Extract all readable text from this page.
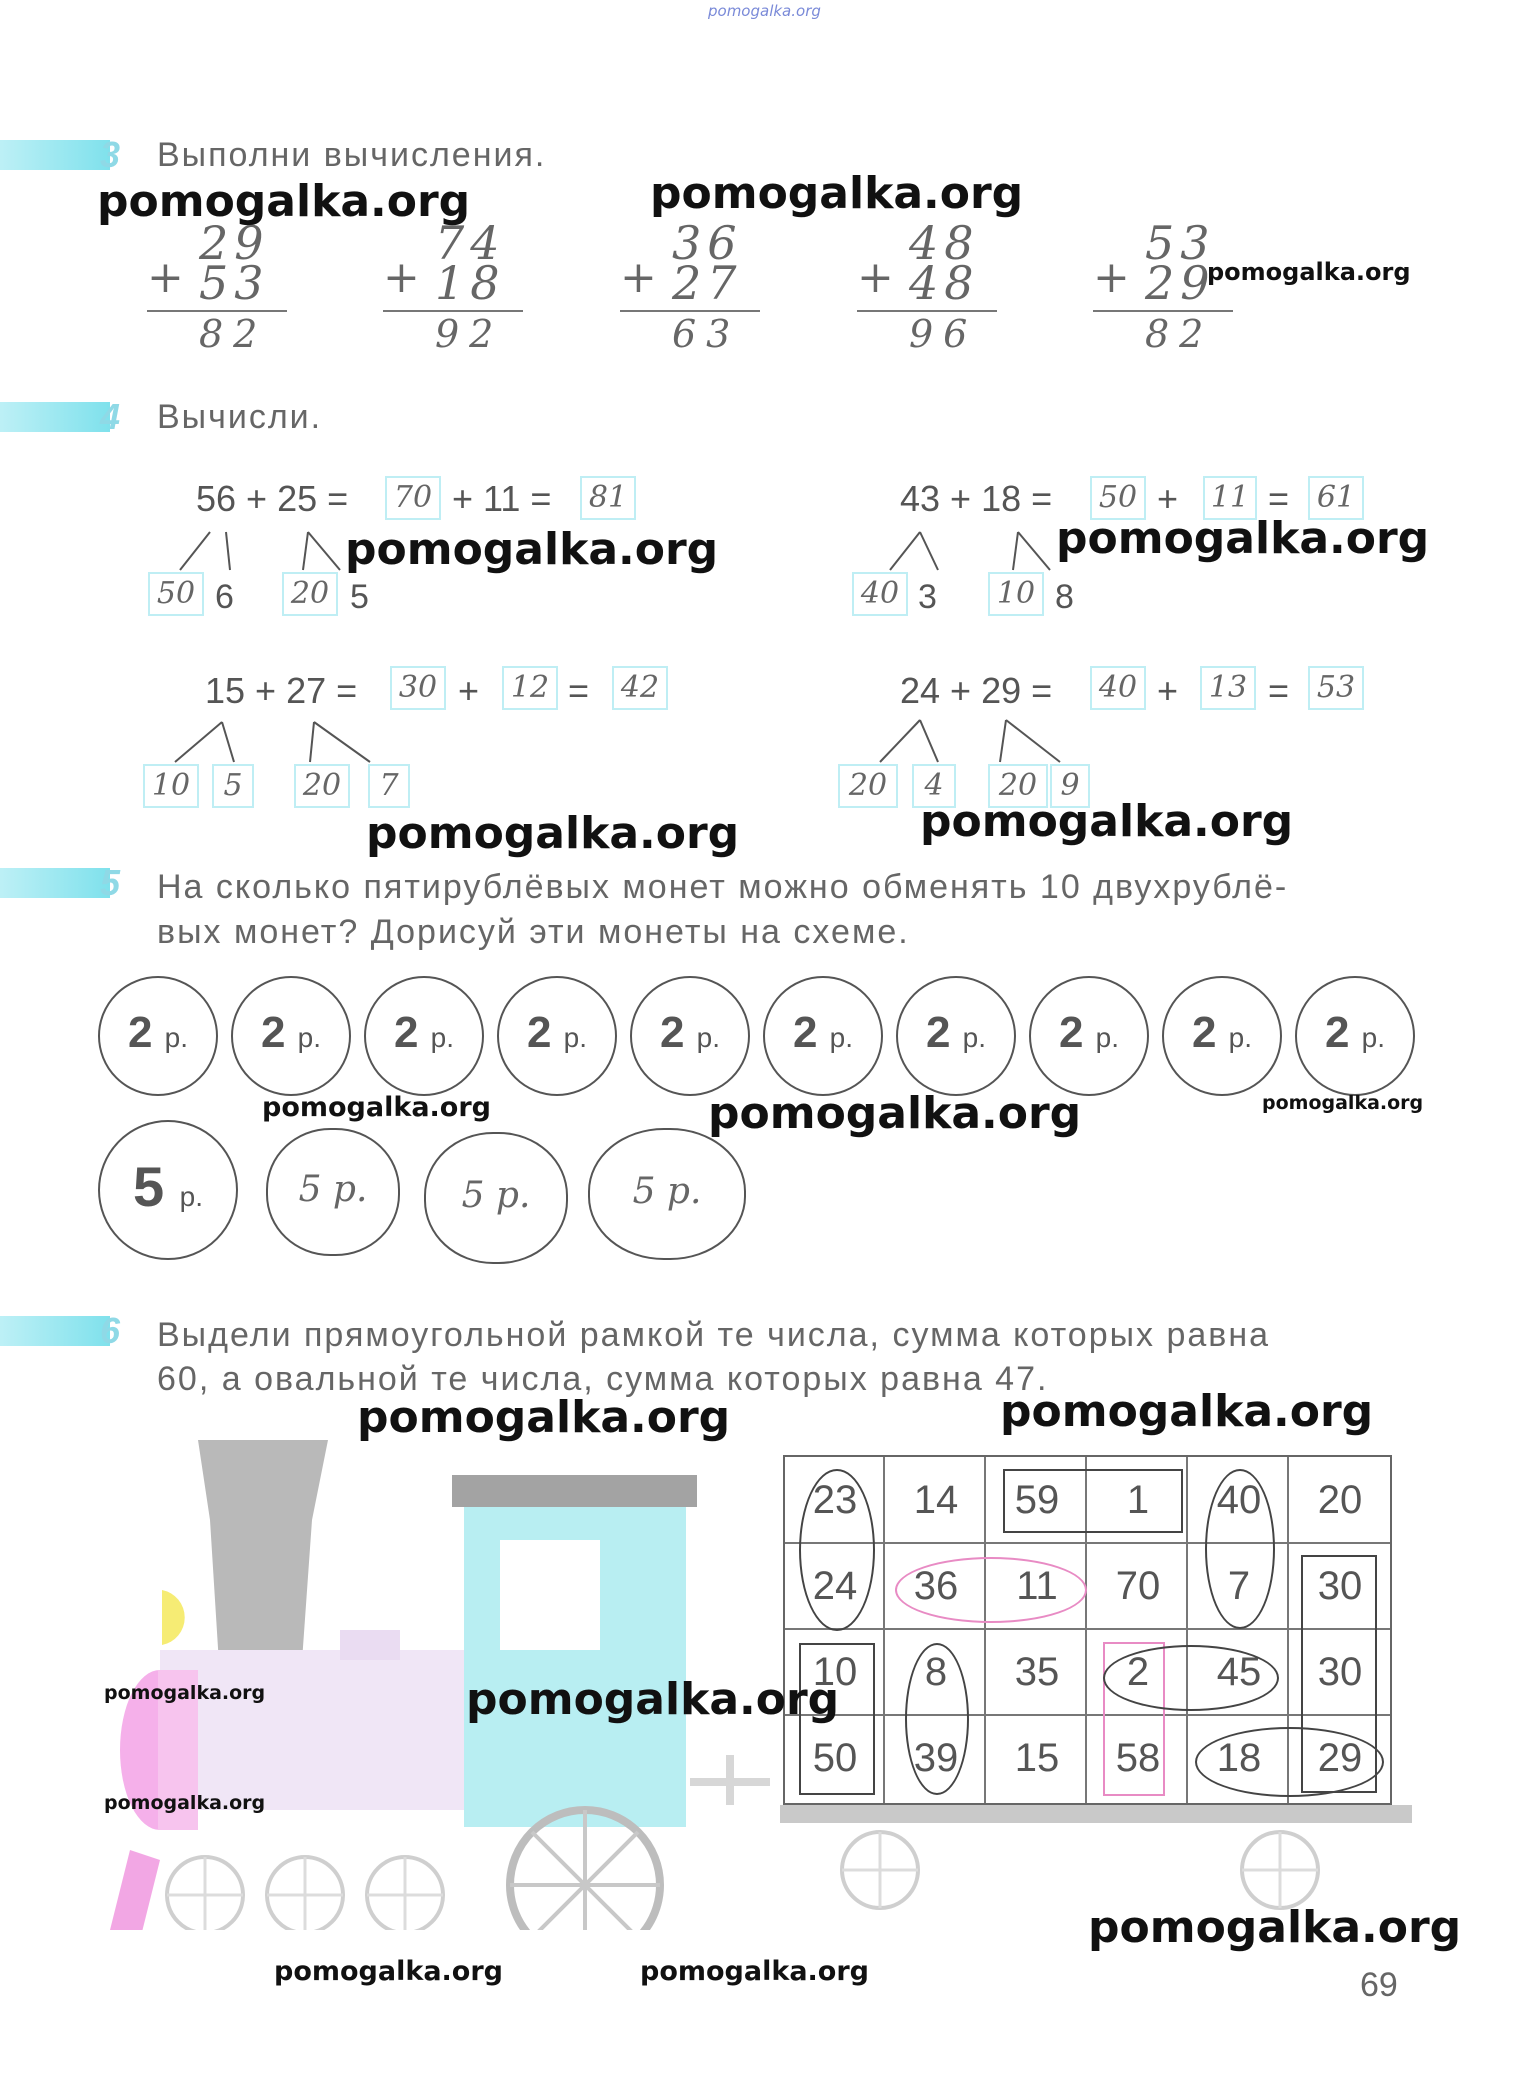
pomogalka.org
3 Выполни вычисления.
pomogalka.org	pomogalka.org
+
29
53
82
+
74
18
92
+
36
27
63
+
48
48
96
+
53
29
82
pomogalka.org
4 Вычисли.
56 + 25 = 70 + 11 = 81
50 6 20 5
pomogalka.org
43 + 18 = 50 + 11 = 61
40 3 10 8
pomogalka.org
15 + 27 = 30 + 12 = 42
10	5	20	7
24 + 29 = 40 + 13 = 53
20	4	20 9
pomogalka.org	pomogalka.org
5 На сколько пятирублёвых монет можно обменять 10 двухрублё-
вых монет? Дорисуй эти монеты на схеме.
2 р.	2 р.	2 р.	2 р.	2 р.	2 р.	2 р.	2 р.	2 р.	2 р.
5 р.	5 р.	5 р.	5 р.
pomogalka.org	pomogalka.org	pomogalka.org
6 Выдели прямоугольной рамкой те числа, сумма которых равна
60, а овальной те числа, сумма которых равна 47.
pomogalka.org	pomogalka.org
23	14	59	1	40	20
24	36	11	70	7	30
10	8	35	2	45	30
50	39	15	58	18	29
pomogalka.org	pomogalka.org
pomogalka.org
pomogalka.org
pomogalka.org	pomogalka.org	69
